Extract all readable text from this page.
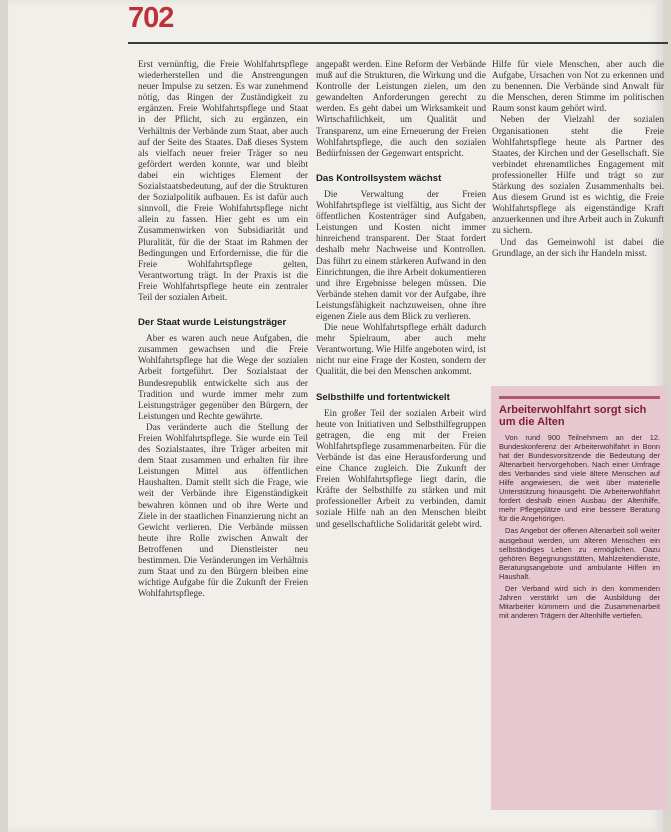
702

Erst vernünftig, die Freie Wohlfahrtspflege wiederherstellen und die Anstrengungen neuer Impulse zu setzen. Es war zunehmend nötig, das Ringen der Zuständigkeit zu ergänzen. Freie Wohlfahrtspflege und Staat in der Pflicht, sich zu ergänzen, ein Verhältnis der Verbände zum Staat, aber auch auf der Seite des Staates. Daß dieses System als vielfach neuer freier Träger so neu gefördert werden konnte, war und bleibt dabei ein wichtiges Element der Sozialstaatsbedeutung, auf der die Strukturen der Sozialpolitik aufbauen. Es ist dafür auch sinnvoll, die Freie Wohlfahrtspflege nicht allein zu fassen. Hier geht es um ein Zusammenwirken von Subsidiarität und Pluralität, für die der Staat im Rahmen der Bedingungen und Erfordernisse, die für die Freie Wohlfahrtspflege gelten, Verantwortung trägt. In der Praxis ist die Freie Wohlfahrtspflege heute ein zentraler Teil der sozialen Arbeit.

Der Staat wurde Leistungsträger

Aber es waren auch neue Aufgaben, die zusammen gewachsen und die Freie Wohlfahrtspflege hat die Wege der sozialen Arbeit fortgeführt. Der Sozialstaat der Bundesrepublik entwickelte sich aus der Tradition und wurde immer mehr zum Leistungsträger gegenüber den Bürgern, der Leistungen und Rechte gewährte.

Das veränderte auch die Stellung der Freien Wohlfahrtspflege. Sie wurde ein Teil des Sozialstaates, ihre Träger arbeiten mit dem Staat zusammen und erhalten für ihre Leistungen Mittel aus öffentlichen Haushalten. Damit stellt sich die Frage, wie weit der Verbände ihre Eigenständigkeit bewahren können und ob ihre Werte und Ziele in der staatlichen Finanzierung nicht an Gewicht verlieren. Die Verbände müssen heute ihre Rolle zwischen Anwalt der Betroffenen und Dienstleister neu bestimmen. Die Veränderungen im Verhältnis zum Staat und zu den Bürgern bleiben eine wichtige Aufgabe für die Zukunft der Freien Wohlfahrtspflege.

angepaßt werden. Eine Reform der Verbände muß auf die Strukturen, die Wirkung und die Kontrolle der Leistungen zielen, um den gewandelten Anforderungen gerecht zu werden. Es geht dabei um Wirksamkeit und Wirtschaftlichkeit, um Qualität und Transparenz, um eine Erneuerung der Freien Wohlfahrtspflege, die auch den sozialen Bedürfnissen der Gegenwart entspricht.

Das Kontrollsystem wächst

Die Verwaltung der Freien Wohlfahrtspflege ist vielfältig, aus Sicht der öffentlichen Kostenträger sind Aufgaben, Leistungen und Kosten nicht immer hinreichend transparent. Der Staat fordert deshalb mehr Nachweise und Kontrollen. Das führt zu einem stärkeren Aufwand in den Einrichtungen, die ihre Arbeit dokumentieren und ihre Ergebnisse belegen müssen. Die Verbände stehen damit vor der Aufgabe, ihre Leistungsfähigkeit nachzuweisen, ohne ihre eigenen Ziele aus dem Blick zu verlieren.

Die neue Wohlfahrtspflege erhält dadurch mehr Spielraum, aber auch mehr Verantwortung. Wie Hilfe angeboten wird, ist nicht nur eine Frage der Kosten, sondern der Qualität, die bei den Menschen ankommt.

Selbsthilfe und fortentwickelt

Ein großer Teil der sozialen Arbeit wird heute von Initiativen und Selbsthilfegruppen getragen, die eng mit der Freien Wohlfahrtspflege zusammenarbeiten. Für die Verbände ist das eine Herausforderung und eine Chance zugleich. Die Zukunft der Freien Wohlfahrtspflege liegt darin, die Kräfte der Selbsthilfe zu stärken und mit professioneller Arbeit zu verbinden, damit soziale Hilfe nah an den Menschen bleibt und gesellschaftliche Solidarität gelebt wird.

Hilfe für viele Menschen, aber auch die Aufgabe, Ursachen von Not zu erkennen und zu benennen. Die Verbände sind Anwalt für die Menschen, deren Stimme im politischen Raum sonst kaum gehört wird.

Neben der Vielzahl der sozialen Organisationen steht die Freie Wohlfahrtspflege heute als Partner des Staates, der Kirchen und der Gesellschaft. Sie verbindet ehrenamtliches Engagement mit professioneller Hilfe und trägt so zur Stärkung des sozialen Zusammenhalts bei. Aus diesem Grund ist es wichtig, die Freie Wohlfahrtspflege als eigenständige Kraft anzuerkennen und ihre Arbeit auch in Zukunft zu sichern.

Und das Gemeinwohl ist dabei die Grundlage, an der sich ihr Handeln misst.

Arbeiterwohlfahrt sorgt sich um die Alten

Von rund 900 Teilnehmern an der 12. Bundeskonferenz der Arbeiterwohlfahrt in Bonn hat der Bundesvorsitzende die Bedeutung der Altenarbeit hervorgehoben. Nach einer Umfrage des Verbandes sind viele ältere Menschen auf Hilfe angewiesen, die weit über materielle Unterstützung hinausgeht. Die Arbeiterwohlfahrt fordert deshalb einen Ausbau der Altenhilfe, mehr Pflegeplätze und eine bessere Beratung für die Angehörigen.

Das Angebot der offenen Altenarbeit soll weiter ausgebaut werden, um älteren Menschen ein selbständiges Leben zu ermöglichen. Dazu gehören Begegnungsstätten, Mahlzeitendienste, Beratungsangebote und ambulante Hilfen im Haushalt.

Der Verband wird sich in den kommenden Jahren verstärkt um die Ausbildung der Mitarbeiter kümmern und die Zusammenarbeit mit anderen Trägern der Altenhilfe vertiefen.
